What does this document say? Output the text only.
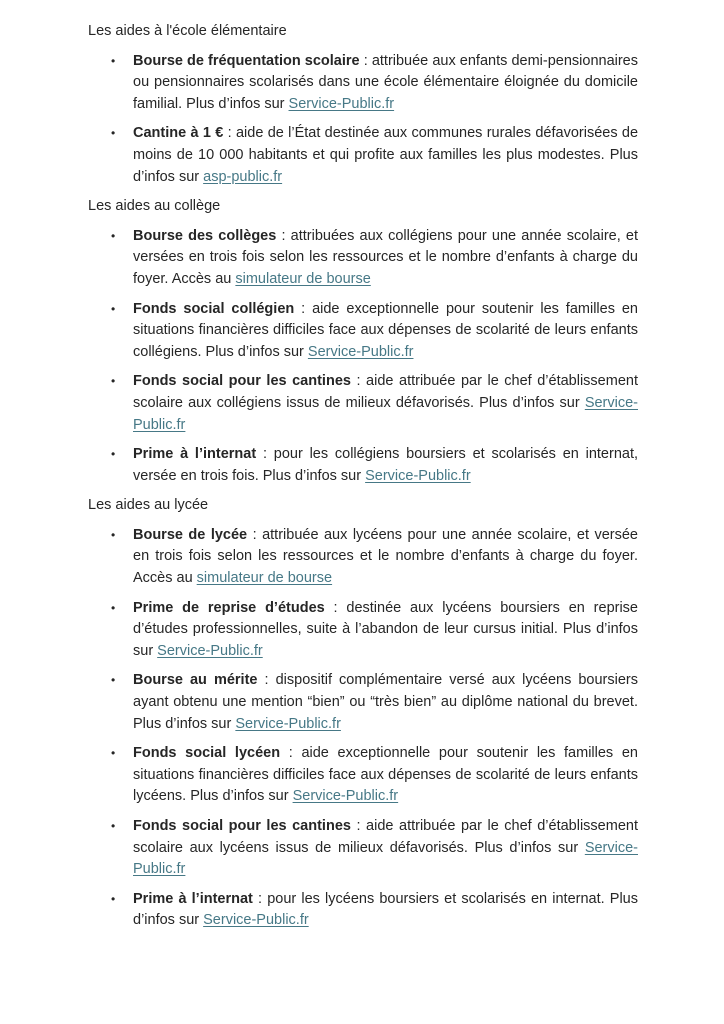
Les aides à l'école élémentaire

• Bourse de fréquentation scolaire : attribuée aux enfants demi-pensionnaires ou pensionnaires scolarisés dans une école élémentaire éloignée du domicile familial. Plus d’infos sur Service-Public.fr
• Cantine à 1 € : aide de l’État destinée aux communes rurales défavorisées de moins de 10 000 habitants et qui profite aux familles les plus modestes. Plus d’infos sur asp-public.fr

Les aides au collège

• Bourse des collèges : attribuées aux collégiens pour une année scolaire, et versées en trois fois selon les ressources et le nombre d’enfants à charge du foyer. Accès au simulateur de bourse
• Fonds social collégien : aide exceptionnelle pour soutenir les familles en situations financières difficiles face aux dépenses de scolarité de leurs enfants collégiens. Plus d’infos sur Service-Public.fr
• Fonds social pour les cantines : aide attribuée par le chef d’établissement scolaire aux collégiens issus de milieux défavorisés. Plus d’infos sur Service-Public.fr
• Prime à l’internat : pour les collégiens boursiers et scolarisés en internat, versée en trois fois. Plus d’infos sur Service-Public.fr

Les aides au lycée

• Bourse de lycée : attribuée aux lycéens pour une année scolaire, et versée en trois fois selon les ressources et le nombre d’enfants à charge du foyer. Accès au simulateur de bourse
• Prime de reprise d’études : destinée aux lycéens boursiers en reprise d’études professionnelles, suite à l’abandon de leur cursus initial. Plus d’infos sur Service-Public.fr
• Bourse au mérite : dispositif complémentaire versé aux lycéens boursiers ayant obtenu une mention “bien” ou “très bien” au diplôme national du brevet. Plus d’infos sur Service-Public.fr
• Fonds social lycéen : aide exceptionnelle pour soutenir les familles en situations financières difficiles face aux dépenses de scolarité de leurs enfants lycéens. Plus d’infos sur Service-Public.fr
• Fonds social pour les cantines : aide attribuée par le chef d’établissement scolaire aux lycéens issus de milieux défavorisés. Plus d’infos sur Service-Public.fr
• Prime à l’internat : pour les lycéens boursiers et scolarisés en internat. Plus d’infos sur Service-Public.fr
